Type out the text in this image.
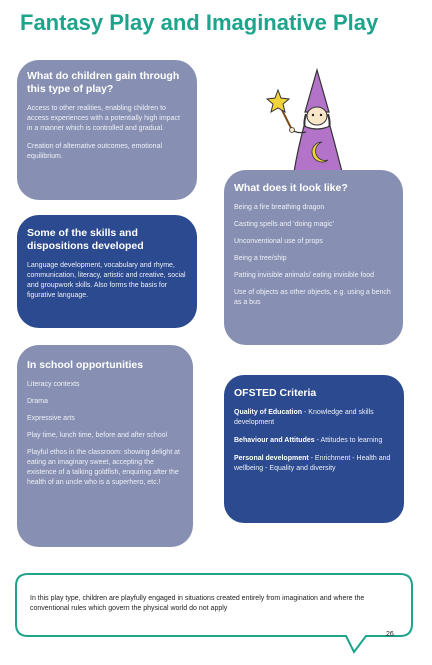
Fantasy Play and Imaginative Play
What do children gain through this type of play?

Access to other realities, enabling children to access experiences with a potentially high impact in a manner which is controlled and gradual.

Creation of alternative outcomes, emotional equilibrium.

Some of the skills and dispositions developed

Language development, vocabulary and rhyme, communication, literacy, artistic and creative, social and groupwork skills. Also forms the basis for figurative language.

In school opportunities

Literacy contexts

Drama

Expressive arts

Play time, lunch time, before and after school

Playful ethos in the classroom: showing delight at eating an imaginary sweet, accepting the existence of a talking goldfish, enquiring after the health of an uncle who is a superhero, etc.!

What does it look like?

Being a fire breathing dragon

Casting spells and ‘doing magic’

Unconventional use of props

Being a tree/ship

Patting invisible animals/ eating invisible food

Use of objects as other objects, e.g. using a bench as a bus

OFSTED Criteria

Quality of Education - Knowledge and skills development

Behaviour and Attitudes - Attitudes to learning

Personal development - Enrichment - Health and wellbeing - Equality and diversity

In this play type, children are playfully engaged in situations created entirely from imagination and where the conventional rules which govern the physical world do not apply
26
